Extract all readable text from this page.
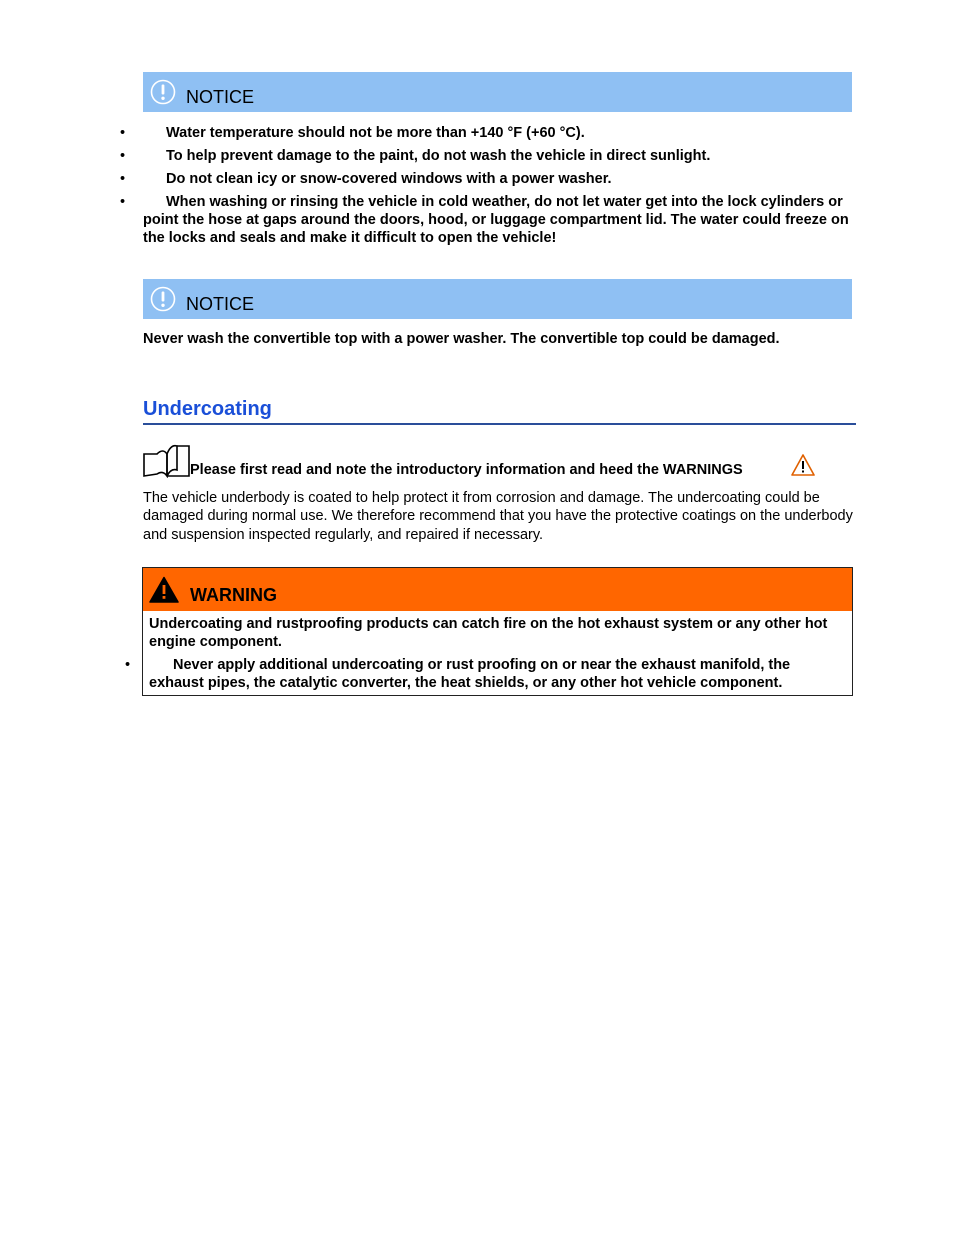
NOTICE
• Water temperature should not be more than +140 °F (+60 °C).
• To help prevent damage to the paint, do not wash the vehicle in direct sunlight.
• Do not clean icy or snow-covered windows with a power washer.
• When washing or rinsing the vehicle in cold weather, do not let water get into the lock cylinders or point the hose at gaps around the doors, hood, or luggage compartment lid. The water could freeze on the locks and seals and make it difficult to open the vehicle!
NOTICE

Never wash the convertible top with a power washer. The convertible top could be damaged.

Undercoating
Please first read and note the introductory information and heed the WARNINGS

The vehicle underbody is coated to help protect it from corrosion and damage. The undercoating could be damaged during normal use. We therefore recommend that you have the protective coatings on the underbody and suspension inspected regularly, and repaired if necessary.

WARNING

Undercoating and rustproofing products can catch fire on the hot exhaust system or any other hot engine component.

• Never apply additional undercoating or rust proofing on or near the exhaust manifold, the exhaust pipes, the catalytic converter, the heat shields, or any other hot vehicle component.
